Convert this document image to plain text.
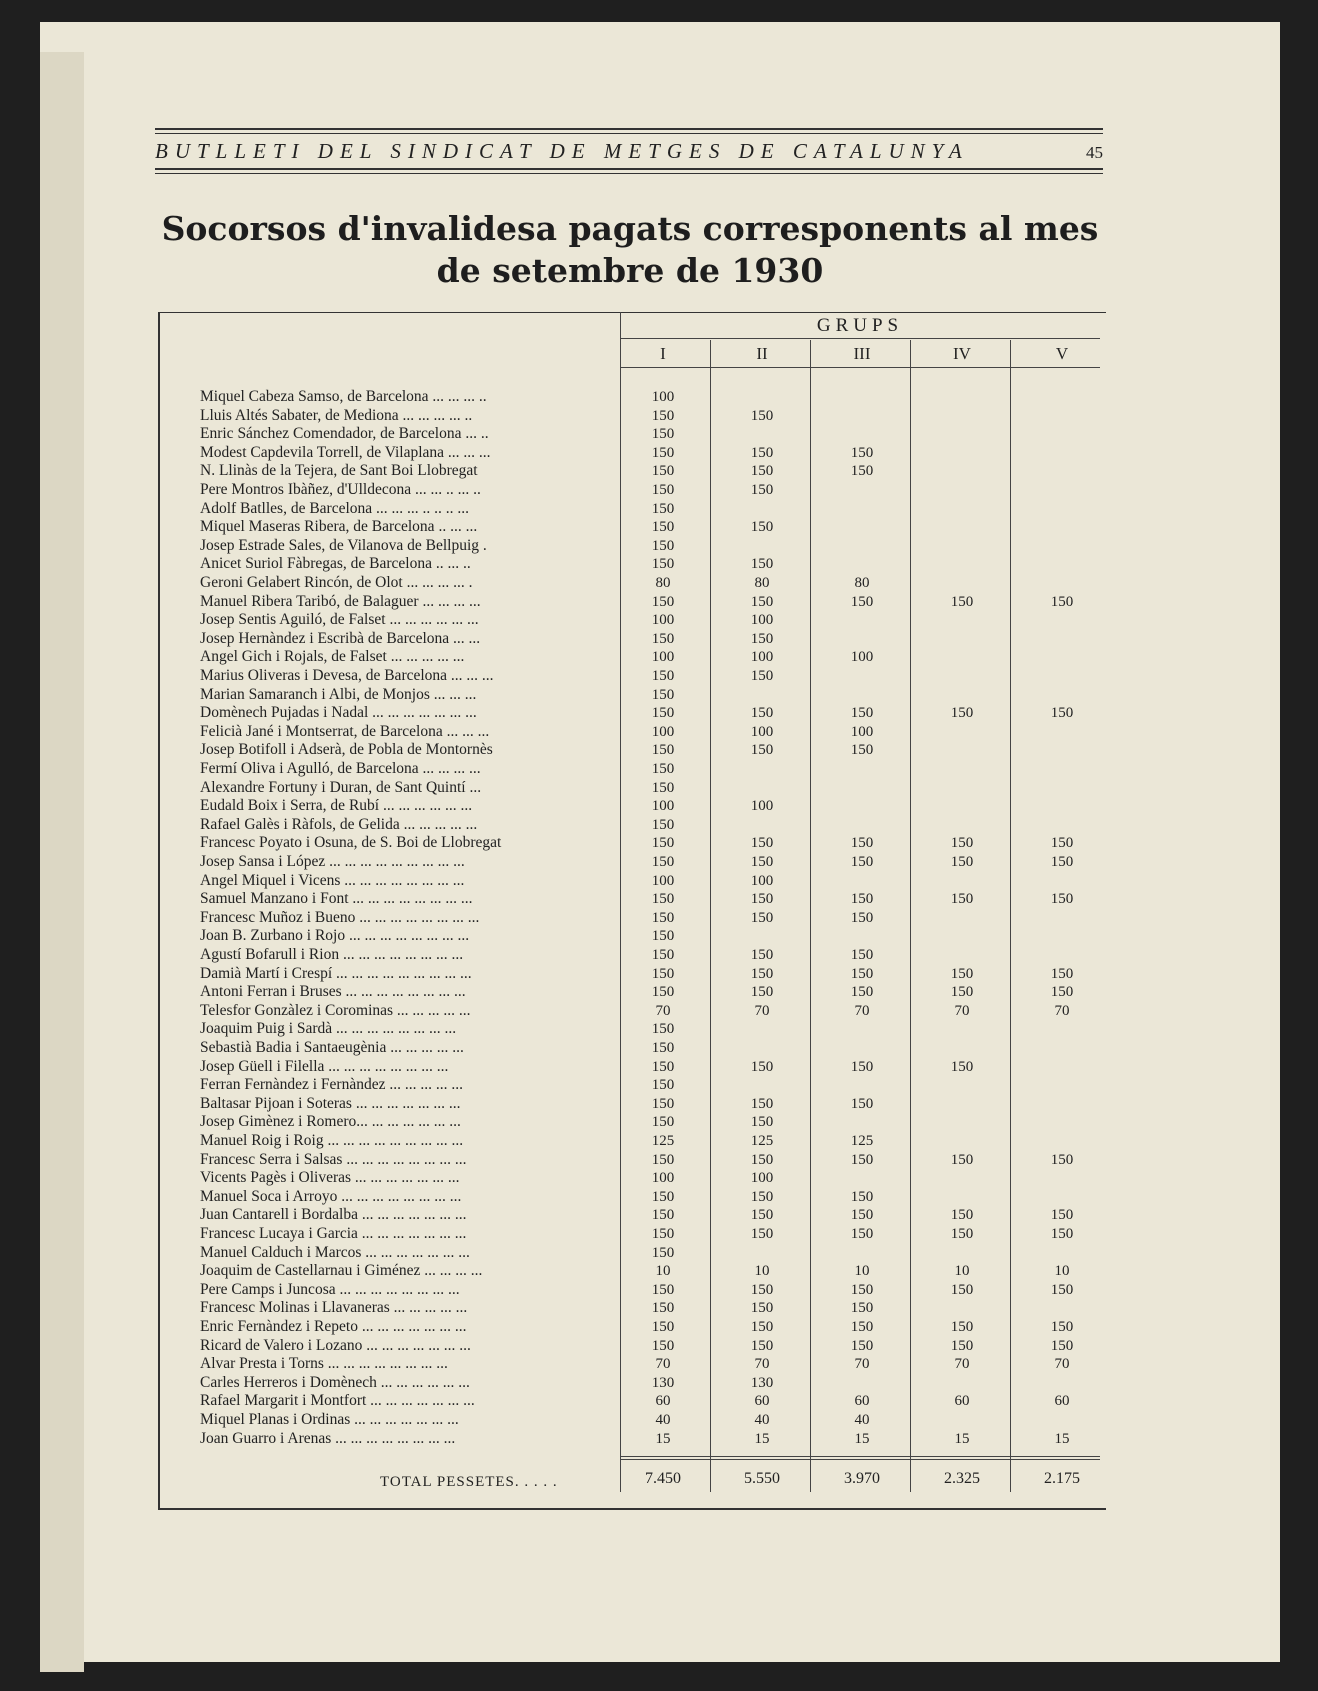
BUTLLETI DEL SINDICAT DE METGES DE CATALUNYA	45
Socorsos d'invalidesa pagats corresponents al mes
de setembre de 1930
GRUPS
I	II	III	IV	V
Miquel Cabeza Samso, de Barcelona ... ... ... ..	100
Lluis Altés Sabater, de Mediona ... ... ... ... ..	150	150
Enric Sánchez Comendador, de Barcelona ... ..	150
Modest Capdevila Torrell, de Vilaplana ... ... ...	150	150	150
N. Llinàs de la Tejera, de Sant Boi Llobregat	150	150	150
Pere Montros Ibàñez, d'Ulldecona ... ... .. ... ..	150	150
Adolf Batlles, de Barcelona ... ... ... .. .. .. ...	150
Miquel Maseras Ribera, de Barcelona .. ... ...	150	150
Josep Estrade Sales, de Vilanova de Bellpuig .	150
Anicet Suriol Fàbregas, de Barcelona .. ... ..	150	150
Geroni Gelabert Rincón, de Olot ... ... ... ... .	80	80	80
Manuel Ribera Taribó, de Balaguer ... ... ... ...	150	150	150	150	150
Josep Sentis Aguiló, de Falset ... ... ... ... ... ...	100	100
Josep Hernàndez i Escribà de Barcelona ... ...	150	150
Angel Gich i Rojals, de Falset ... ... ... ... ...	100	100	100
Marius Oliveras i Devesa, de Barcelona ... ... ...	150	150
Marian Samaranch i Albi, de Monjos ... ... ...	150
Domènech Pujadas i Nadal ... ... ... ... ... ... ...	150	150	150	150	150
Felicià Jané i Montserrat, de Barcelona ... ... ...	100	100	100
Josep Botifoll i Adserà, de Pobla de Montornès	150	150	150
Fermí Oliva i Agulló, de Barcelona ... ... ... ...	150
Alexandre Fortuny i Duran, de Sant Quintí ...	150
Eudald Boix i Serra, de Rubí ... ... ... ... ... ...	100	100
Rafael Galès i Ràfols, de Gelida ... ... ... ... ...	150
Francesc Poyato i Osuna, de S. Boi de Llobregat	150	150	150	150	150
Josep Sansa i López ... ... ... ... ... ... ... ... ...	150	150	150	150	150
Angel Miquel i Vicens ... ... ... ... ... ... ... ...	100	100
Samuel Manzano i Font ... ... ... ... ... ... ... ...	150	150	150	150	150
Francesc Muñoz i Bueno ... ... ... ... ... ... ... ...	150	150	150
Joan B. Zurbano i Rojo ... ... ... ... ... ... ... ...	150
Agustí Bofarull i Rion ... ... ... ... ... ... ... ...	150	150	150
Damià Martí i Crespí ... ... ... ... ... ... ... ... ...	150	150	150	150	150
Antoni Ferran i Bruses ... ... ... ... ... ... ... ...	150	150	150	150	150
Telesfor Gonzàlez i Corominas ... ... ... ... ...	70	70	70	70	70
Joaquim Puig i Sardà ... ... ... ... ... ... ... ...	150
Sebastià Badia i Santaeugènia ... ... ... ... ...	150
Josep Güell i Filella ... ... ... ... ... ... ... ...	150	150	150	150
Ferran Fernàndez i Fernàndez ... ... ... ... ...	150
Baltasar Pijoan i Soteras ... ... ... ... ... ... ...	150	150	150
Josep Gimènez i Romero... ... ... ... ... ... ...	150	150
Manuel Roig i Roig ... ... ... ... ... ... ... ... ...	125	125	125
Francesc Serra i Salsas ... ... ... ... ... ... ... ...	150	150	150	150	150
Vicents Pagès i Oliveras ... ... ... ... ... ... ...	100	100
Manuel Soca i Arroyo ... ... ... ... ... ... ... ...	150	150	150
Juan Cantarell i Bordalba ... ... ... ... ... ... ...	150	150	150	150	150
Francesc Lucaya i Garcia ... ... ... ... ... ... ...	150	150	150	150	150
Manuel Calduch i Marcos ... ... ... ... ... ... ...	150
Joaquim de Castellarnau i Giménez ... ... ... ...	10	10	10	10	10
Pere Camps i Juncosa ... ... ... ... ... ... ... ...	150	150	150	150	150
Francesc Molinas i Llavaneras ... ... ... ... ...	150	150	150
Enric Fernàndez i Repeto ... ... ... ... ... ... ...	150	150	150	150	150
Ricard de Valero i Lozano ... ... ... ... ... ... ...	150	150	150	150	150
Alvar Presta i Torns ... ... ... ... ... ... ... ...	70	70	70	70	70
Carles Herreros i Domènech ... ... ... ... ... ...	130	130
Rafael Margarit i Montfort ... ... ... ... ... ... ...	60	60	60	60	60
Miquel Planas i Ordinas ... ... ... ... ... ... ...	40	40	40
Joan Guarro i Arenas ... ... ... ... ... ... ... ...	15	15	15	15	15
TOTAL PESSETES. . . . .	7.450	5.550	3.970	2.325	2.175
